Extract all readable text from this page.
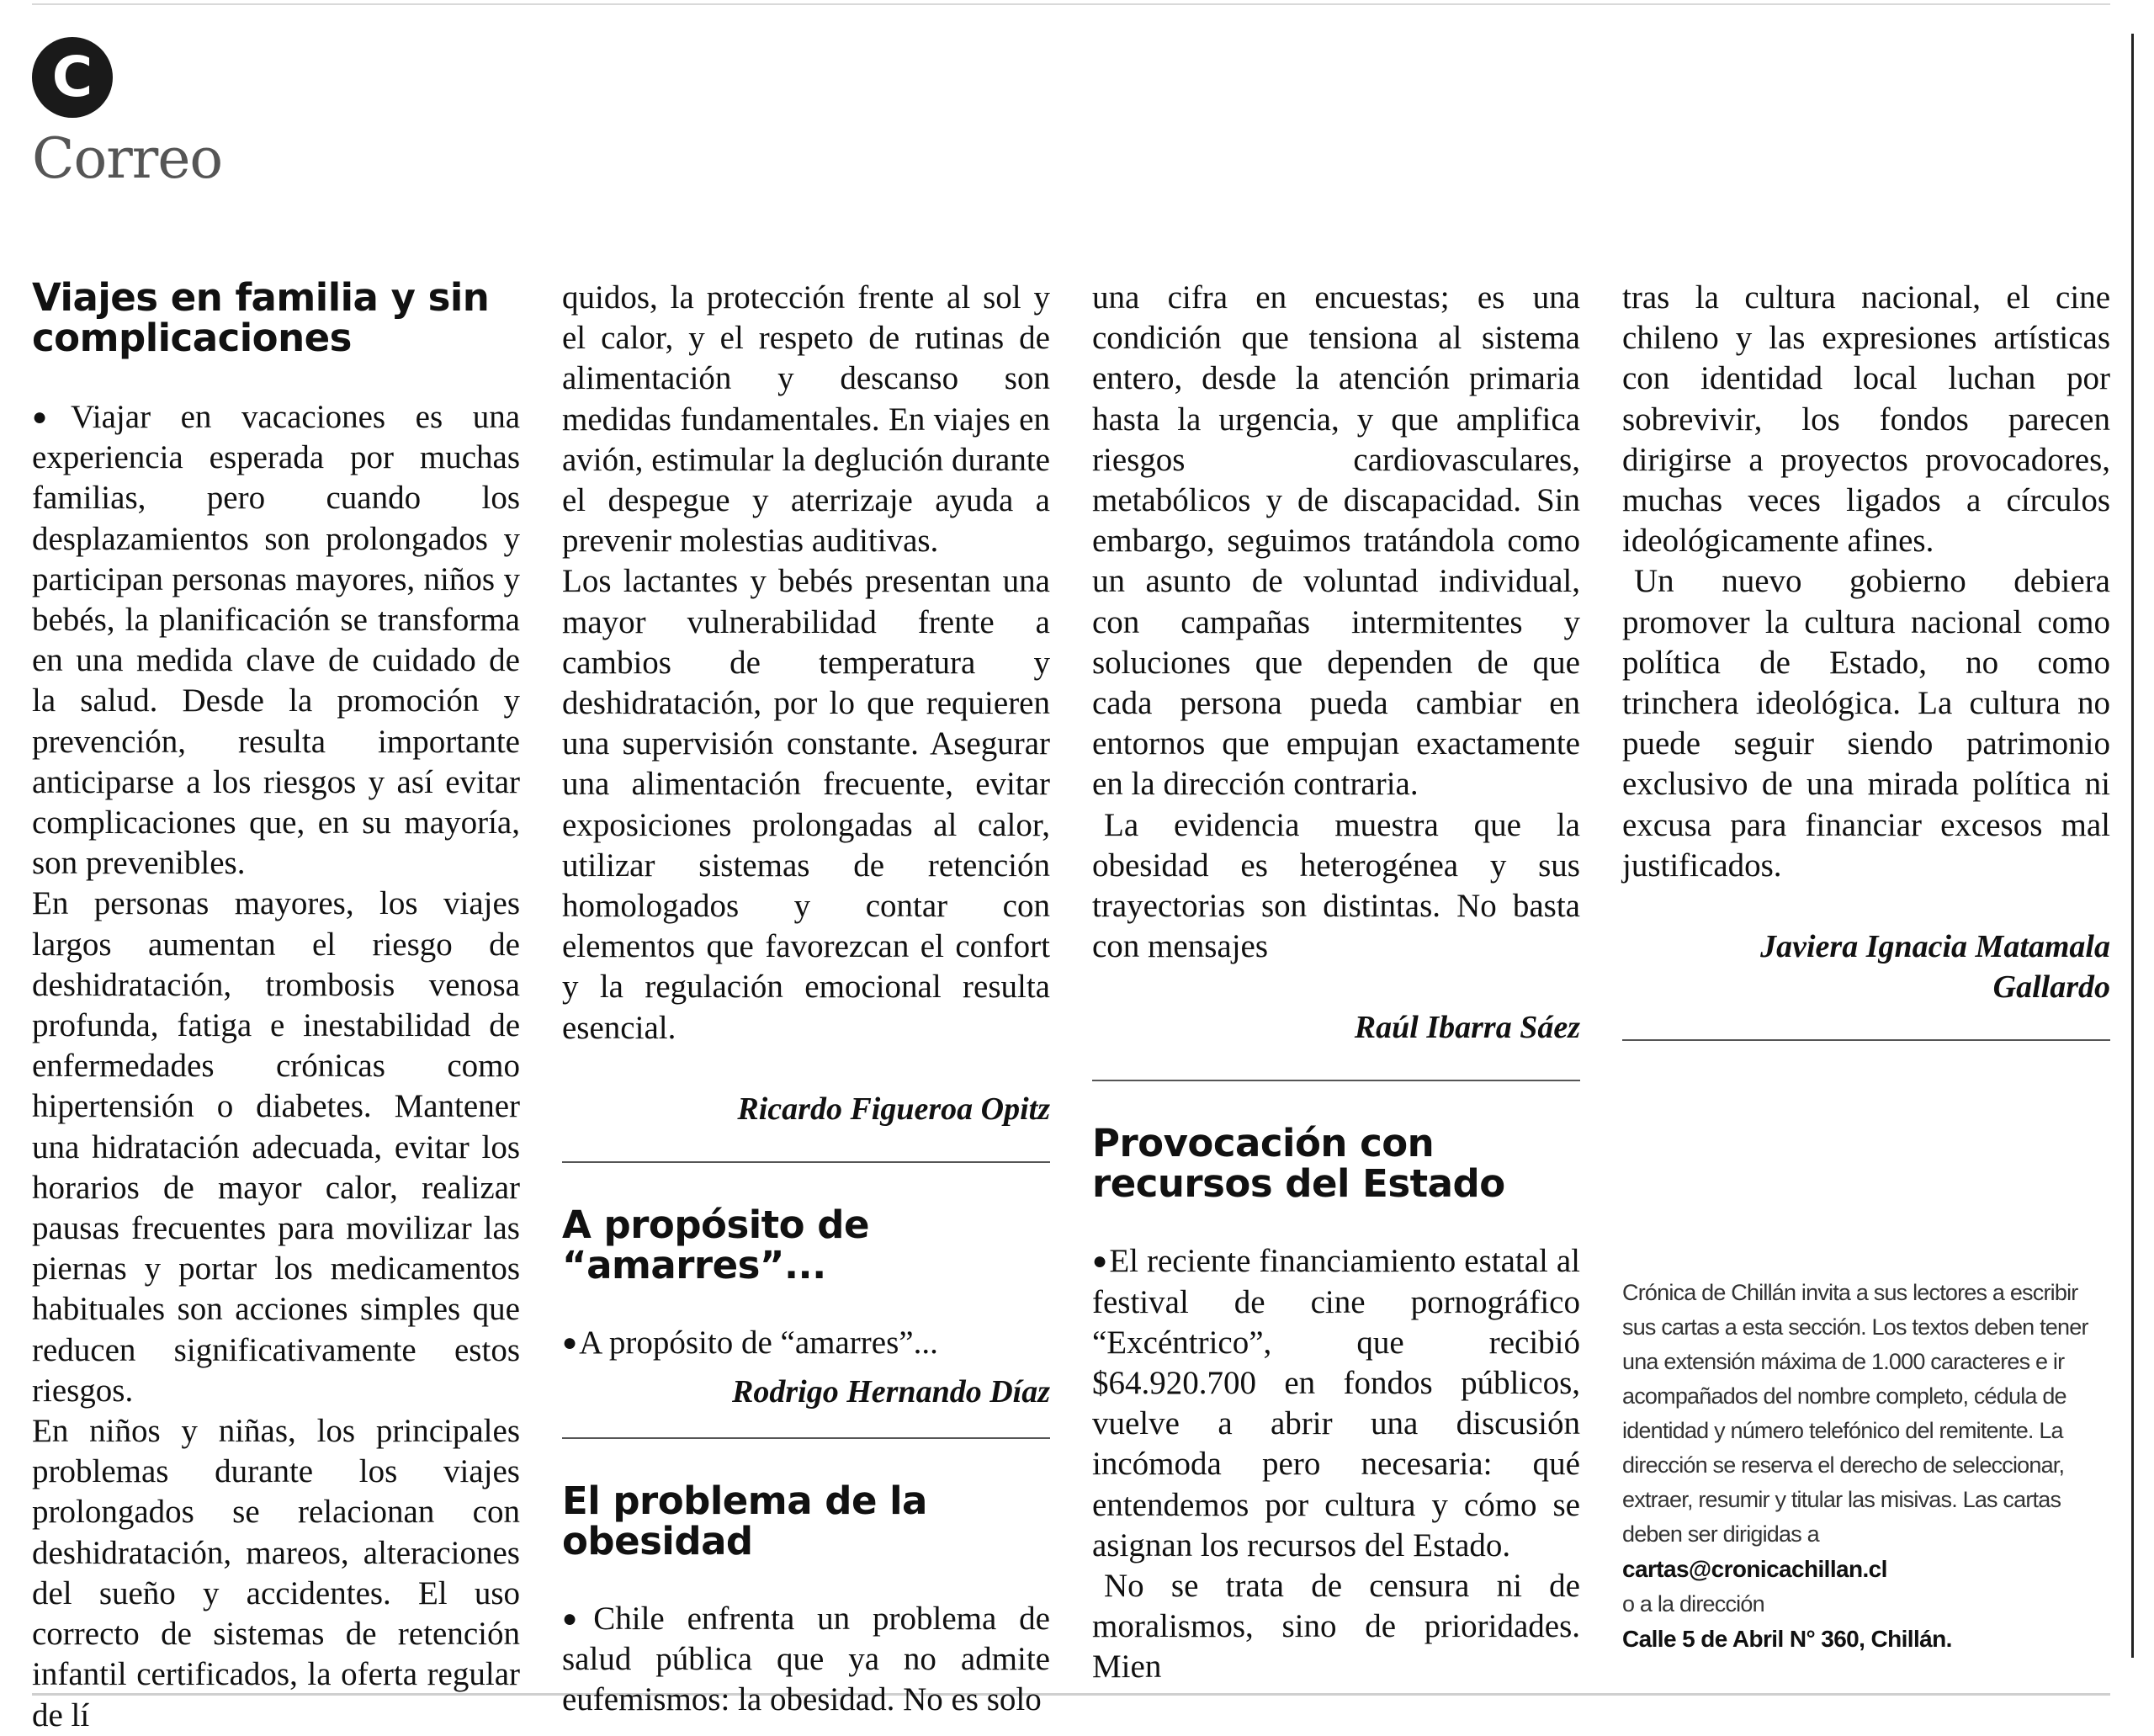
C
Correo
Viajes en familia y sin complicaciones

●Viajar en vacaciones es una experiencia esperada por muchas familias, pero cuando los desplazamientos son prolongados y participan personas mayores, niños y bebés, la planificación se transforma en una medida clave de cuidado de la salud. Desde la promoción y prevención, resulta importante anticiparse a los riesgos y así evitar complicaciones que, en su mayoría, son prevenibles.

En personas mayores, los viajes largos aumentan el riesgo de deshidratación, trombosis venosa profunda, fatiga e inestabilidad de enfermedades crónicas como hipertensión o diabetes. Mantener una hidratación adecuada, evitar los horarios de mayor calor, realizar pausas frecuentes para movilizar las piernas y portar los medicamentos habituales son acciones simples que reducen significativamente estos riesgos.

En niños y niñas, los principales problemas durante los viajes prolongados se relacionan con deshidratación, mareos, alteraciones del sueño y accidentes. El uso correcto de sistemas de retención infantil certificados, la oferta regular de lí

quidos, la protección frente al sol y el calor, y el respeto de rutinas de alimentación y descanso son medidas fundamentales. En viajes en avión, estimular la deglución durante el despegue y aterrizaje ayuda a prevenir molestias auditivas.

Los lactantes y bebés presentan una mayor vulnerabilidad frente a cambios de temperatura y deshidratación, por lo que requieren una supervisión constante. Asegurar una alimentación frecuente, evitar exposiciones prolongadas al calor, utilizar sistemas de retención homologados y contar con elementos que favorezcan el confort y la regulación emocional resulta esencial.

Ricardo Figueroa Opitz

A propósito de “amarres”...

●A propósito de “amarres”...

Rodrigo Hernando Díaz

El problema de la obesidad

●Chile enfrenta un problema de salud pública que ya no admite eufemismos: la obesidad. No es solo

una cifra en encuestas; es una condición que tensiona al sistema entero, desde la atención primaria hasta la urgencia, y que amplifica riesgos cardiovasculares, metabólicos y de discapacidad. Sin embargo, seguimos tratándola como un asunto de voluntad individual, con campañas intermitentes y soluciones que dependen de que cada persona pueda cambiar en entornos que empujan exactamente en la dirección contraria.

La evidencia muestra que la obesidad es heterogénea y sus trayectorias son distintas. No basta con mensajes

Raúl Ibarra Sáez

Provocación con recursos del Estado

●El reciente financiamiento estatal al festival de cine pornográfico “Excéntrico”, que recibió $64.920.700 en fondos públicos, vuelve a abrir una discusión incómoda pero necesaria: qué entendemos por cultura y cómo se asignan los recursos del Estado.

No se trata de censura ni de moralismos, sino de prioridades. Mien

tras la cultura nacional, el cine chileno y las expresiones artísticas con identidad local luchan por sobrevivir, los fondos parecen dirigirse a proyectos provocadores, muchas veces ligados a círculos ideológicamente afines.

Un nuevo gobierno debiera promover la cultura nacional como política de Estado, no como trinchera ideológica. La cultura no puede seguir siendo patrimonio exclusivo de una mirada política ni excusa para financiar excesos mal justificados.

Javiera Ignacia Matamala

Gallardo

Crónica de Chillán invita a sus lectores a escribir sus cartas a esta sección. Los textos deben tener una extensión máxima de 1.000 caracteres e ir acompañados del nombre completo, cédula de identidad y número telefónico del remitente. La dirección se reserva el derecho de seleccionar, extraer, resumir y titular las misivas. Las cartas deben ser dirigidas a

cartas@cronicachillan.cl

o a la dirección

Calle 5 de Abril N° 360, Chillán.
